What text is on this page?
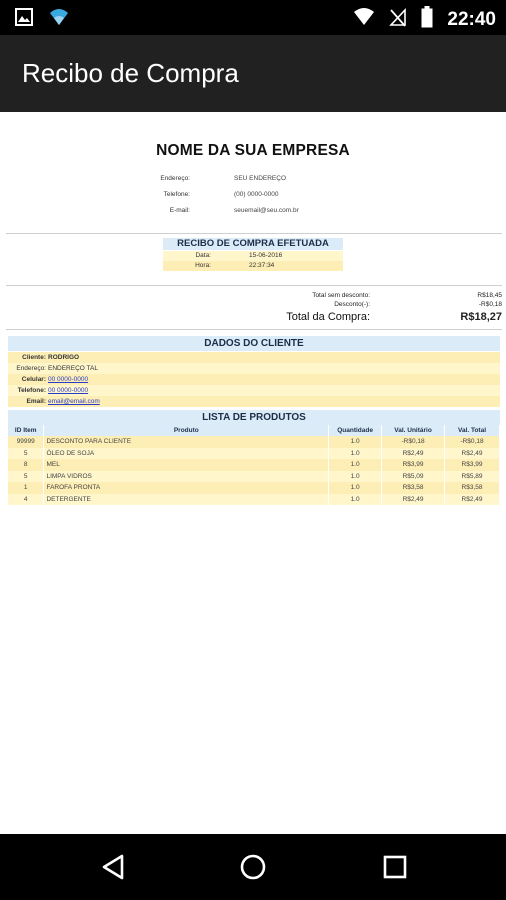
22:40
Recibo de Compra
NOME DA SUA EMPRESA
Endereço:	SEU ENDEREÇO
Telefone:	(00) 0000-0000
E-mail:	seuemail@seu.com.br
RECIBO DE COMPRA EFETUADA
Data:	15-06-2016
Hora:	22:37:34
Total sem desconto:	R$18,45
Desconto(-):	-R$0,18
Total da Compra:	R$18,27
DADOS DO CLIENTE
Cliente: RODRIGO
Endereço: ENDEREÇO TAL
Celular: 00 0000-0000
Telefone: 00 0000-0000
Email: email@email.com
LISTA DE PRODUTOS
ID Item	Produto	Quantidade	Val. Unitário	Val. Total
99999	DESCONTO PARA CLIENTE	1.0	-R$0,18	-R$0,18
5	ÓLEO DE SOJA	1.0	R$2,49	R$2,49
8	MEL	1.0	R$3,99	R$3,99
5	LIMPA VIDROS	1.0	R$5,09	R$5,89
1	FAROFA PRONTA	1.0	R$3,58	R$3,58
4	DETERGENTE	1.0	R$2,49	R$2,49
